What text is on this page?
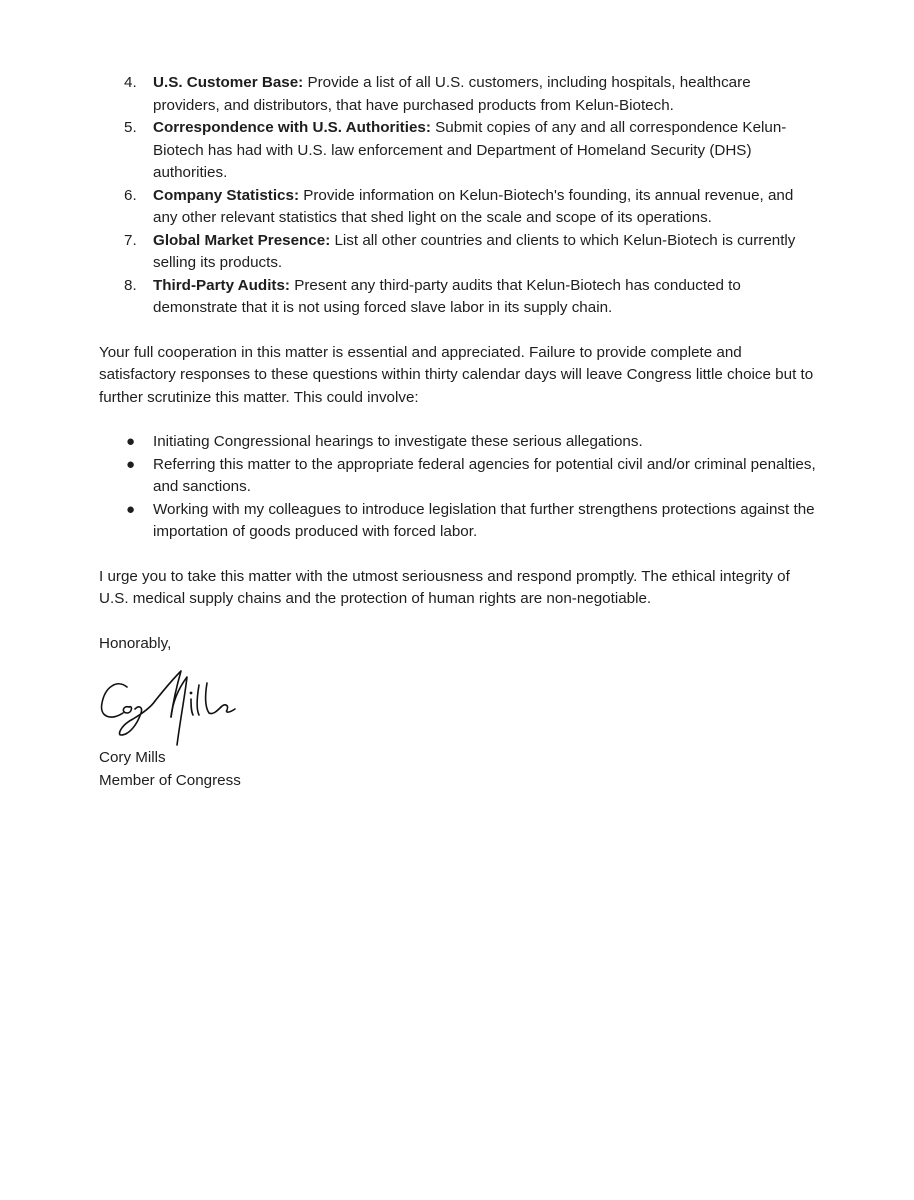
4. U.S. Customer Base: Provide a list of all U.S. customers, including hospitals, healthcare providers, and distributors, that have purchased products from Kelun-Biotech.
5. Correspondence with U.S. Authorities: Submit copies of any and all correspondence Kelun-Biotech has had with U.S. law enforcement and Department of Homeland Security (DHS) authorities.
6. Company Statistics: Provide information on Kelun-Biotech's founding, its annual revenue, and any other relevant statistics that shed light on the scale and scope of its operations.
7. Global Market Presence: List all other countries and clients to which Kelun-Biotech is currently selling its products.
8. Third-Party Audits: Present any third-party audits that Kelun-Biotech has conducted to demonstrate that it is not using forced slave labor in its supply chain.

Your full cooperation in this matter is essential and appreciated. Failure to provide complete and satisfactory responses to these questions within thirty calendar days will leave Congress little choice but to further scrutinize this matter. This could involve:

● Initiating Congressional hearings to investigate these serious allegations.
● Referring this matter to the appropriate federal agencies for potential civil and/or criminal penalties, and sanctions.
● Working with my colleagues to introduce legislation that further strengthens protections against the importation of goods produced with forced labor.

I urge you to take this matter with the utmost seriousness and respond promptly. The ethical integrity of U.S. medical supply chains and the protection of human rights are non-negotiable.

Honorably,

Cory Mills

Member of Congress
